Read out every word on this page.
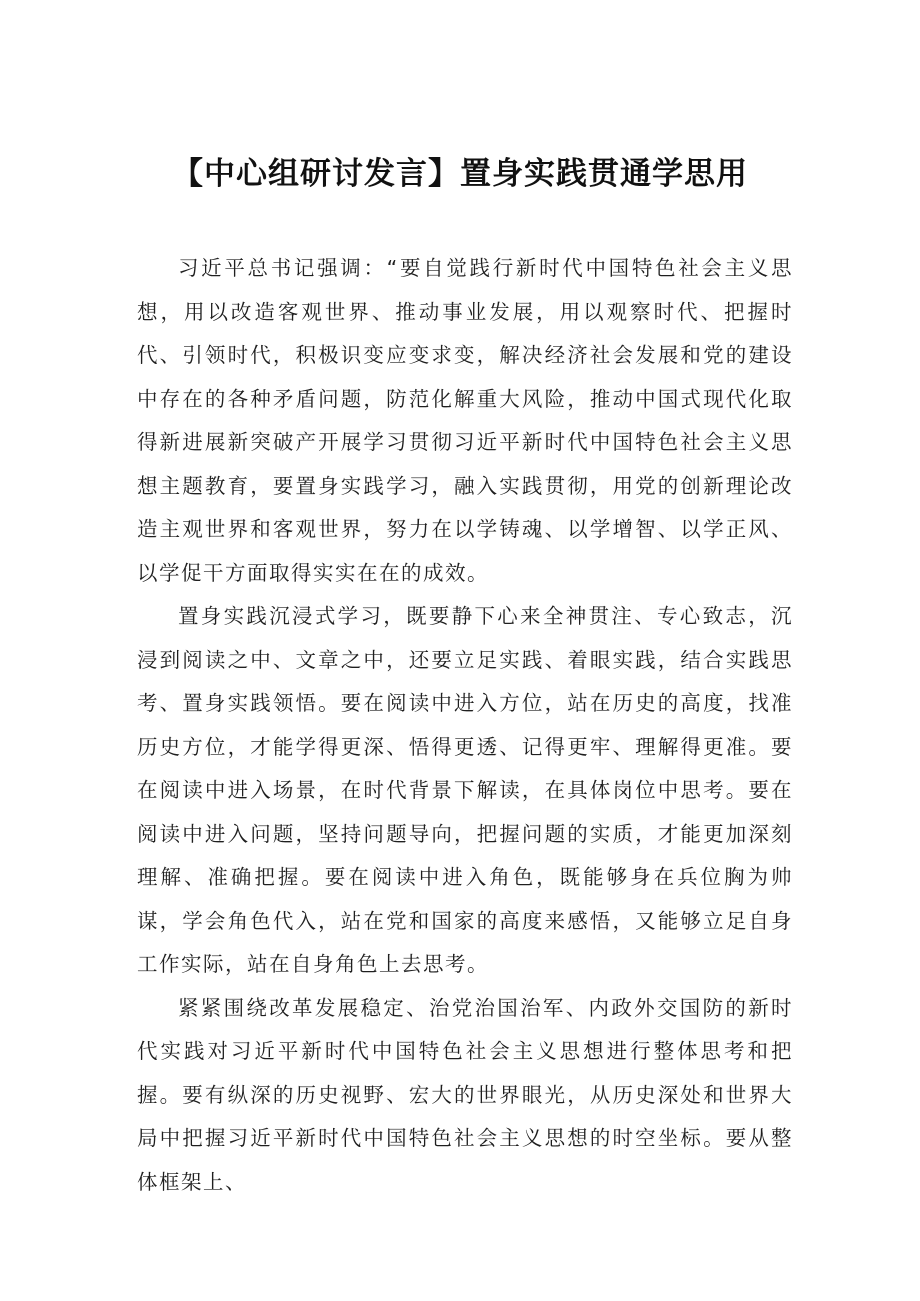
【中心组研讨发言】置身实践贯通学思用

习近平总书记强调：“要自觉践行新时代中国特色社会主义思想，用以改造客观世界、推动事业发展，用以观察时代、把握时代、引领时代，积极识变应变求变，解决经济社会发展和党的建设中存在的各种矛盾问题，防范化解重大风险，推动中国式现代化取得新进展新突破产开展学习贯彻习近平新时代中国特色社会主义思想主题教育，要置身实践学习，融入实践贯彻，用党的创新理论改造主观世界和客观世界，努力在以学铸魂、以学增智、以学正风、以学促干方面取得实实在在的成效。

置身实践沉浸式学习，既要静下心来全神贯注、专心致志，沉浸到阅读之中、文章之中，还要立足实践、着眼实践，结合实践思考、置身实践领悟。要在阅读中进入方位，站在历史的高度，找准历史方位，才能学得更深、悟得更透、记得更牢、理解得更准。要在阅读中进入场景，在时代背景下解读，在具体岗位中思考。要在阅读中进入问题，坚持问题导向，把握问题的实质，才能更加深刻理解、准确把握。要在阅读中进入角色，既能够身在兵位胸为帅谋，学会角色代入，站在党和国家的高度来感悟，又能够立足自身工作实际，站在自身角色上去思考。

紧紧围绕改革发展稳定、治党治国治军、内政外交国防的新时代实践对习近平新时代中国特色社会主义思想进行整体思考和把握。要有纵深的历史视野、宏大的世界眼光，从历史深处和世界大局中把握习近平新时代中国特色社会主义思想的时空坐标。要从整体框架上、
